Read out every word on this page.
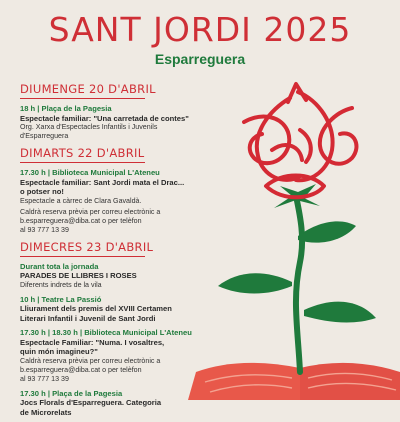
SANT JORDI 2025
Esparreguera
DIUMENGE 20 D'ABRIL
18 h | Plaça de la Pagesia
Espectacle familiar: "Una carretada de contes"
Org. Xarxa d'Espectacles Infantils i Juvenils
d'Esparreguera
DIMARTS 22 D'ABRIL
17.30 h | Biblioteca Municipal L'Ateneu
Espectacle familiar: Sant Jordi mata el Drac...
o potser no!
Espectacle a càrrec de Clara Gavaldà.
Caldrà reserva prèvia per correu electrònic a
b.esparreguera@diba.cat o per telèfon
al 93 777 13 39
DIMECRES 23 D'ABRIL
Durant tota la jornada
PARADES DE LLIBRES I ROSES
Diferents indrets de la vila
10 h | Teatre La Passió
Lliurament dels premis del XVIII Certamen
Literari Infantil i Juvenil de Sant Jordi
17.30 h | 18.30 h | Biblioteca Municipal L'Ateneu
Espectacle Familiar: "Numa. I vosaltres,
quin món imagineu?"
Caldrà reserva prèvia per correu electrònic a
b.esparreguera@diba.cat o per telèfon
al 93 777 13 39
17.30 h | Plaça de la Pagesia
Jocs Florals d'Esparreguera. Categoria
de Microrelats
